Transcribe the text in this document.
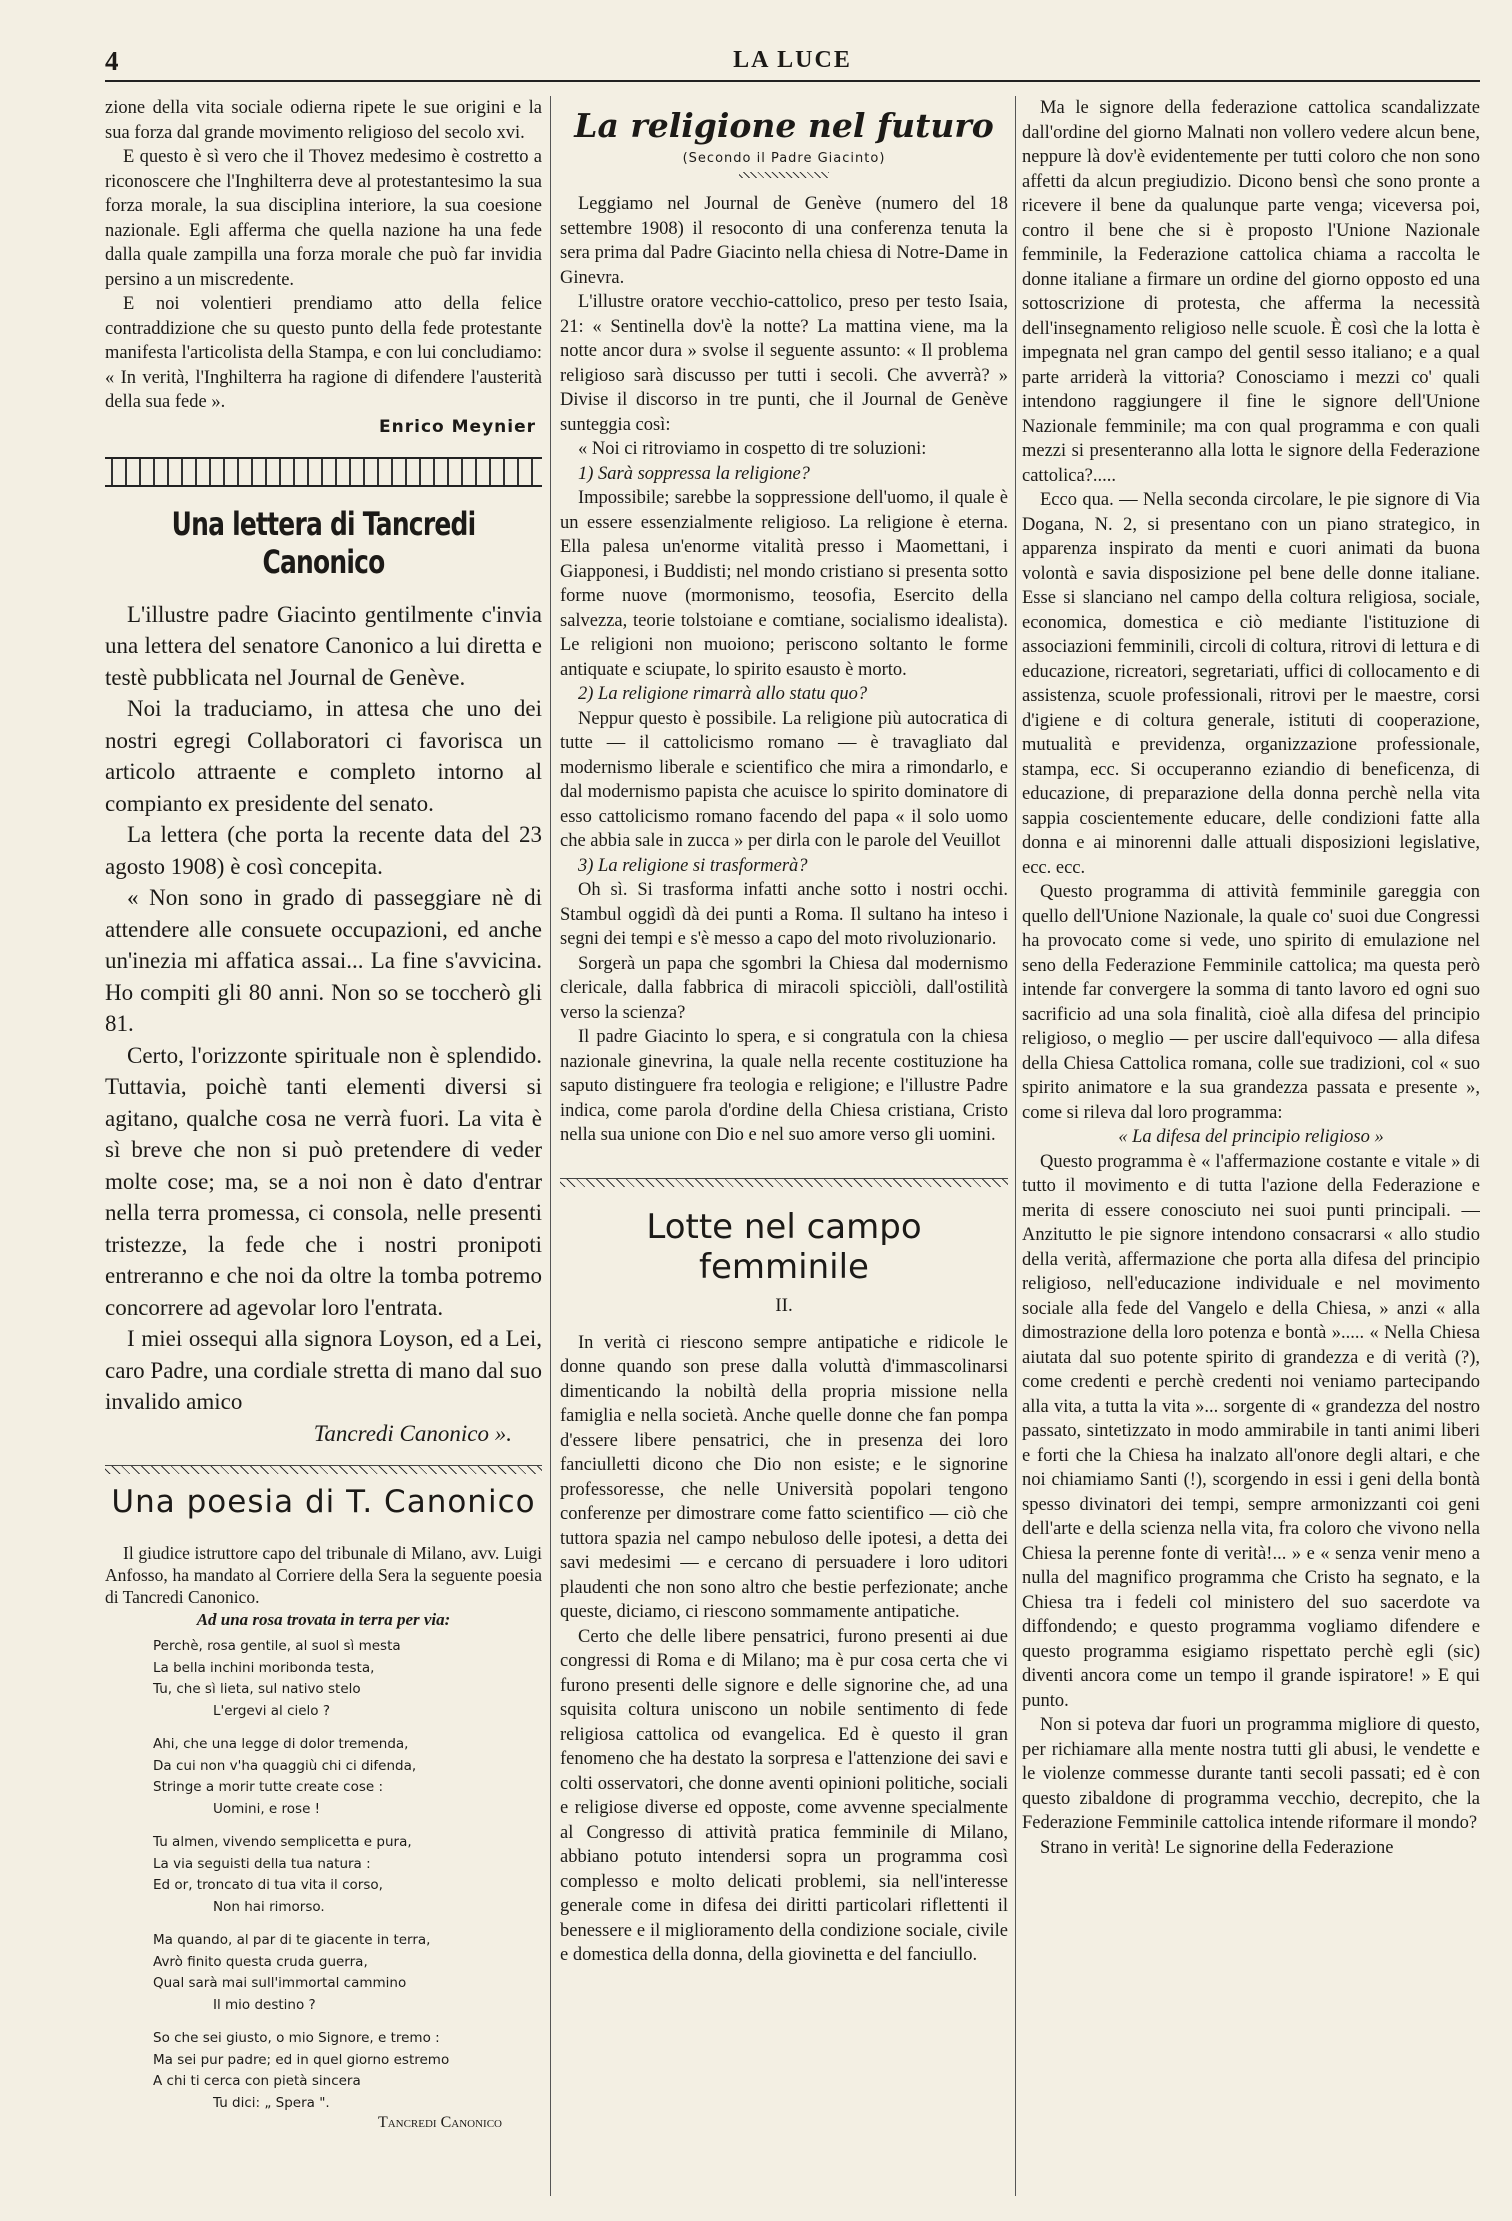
4	LA LUCE

zione della vita sociale odierna ripete le sue origini e la sua forza dal grande movimento religioso del secolo xvi.

E questo è sì vero che il Thovez medesimo è costretto a riconoscere che l'Inghilterra deve al protestantesimo la sua forza morale, la sua disciplina interiore, la sua coesione nazionale. Egli afferma che quella nazione ha una fede dalla quale zampilla una forza morale che può far invidia persino a un miscredente.

E noi volentieri prendiamo atto della felice contraddizione che su questo punto della fede protestante manifesta l'articolista della Stampa, e con lui concludiamo: « In verità, l'Inghilterra ha ragione di difendere l'austerità della sua fede ».

Enrico Meynier
Una lettera di Tancredi Canonico

L'illustre padre Giacinto gentilmente c'invia una lettera del senatore Canonico a lui diretta e testè pubblicata nel Journal de Genève.

Noi la traduciamo, in attesa che uno dei nostri egregi Collaboratori ci favorisca un articolo attraente e completo intorno al compianto ex presidente del senato.

La lettera (che porta la recente data del 23 agosto 1908) è così concepita.

« Non sono in grado di passeggiare nè di attendere alle consuete occupazioni, ed anche un'inezia mi affatica assai... La fine s'avvicina. Ho compiti gli 80 anni. Non so se toccherò gli 81.

Certo, l'orizzonte spirituale non è splendido. Tuttavia, poichè tanti elementi diversi si agitano, qualche cosa ne verrà fuori. La vita è sì breve che non si può pretendere di veder molte cose; ma, se a noi non è dato d'entrar nella terra promessa, ci consola, nelle presenti tristezze, la fede che i nostri pronipoti entreranno e che noi da oltre la tomba potremo concorrere ad agevolar loro l'entrata.

I miei ossequi alla signora Loyson, ed a Lei, caro Padre, una cordiale stretta di mano dal suo invalido amico

Tancredi Canonico ».

Una poesia di T. Canonico

Il giudice istruttore capo del tribunale di Milano, avv. Luigi Anfosso, ha mandato al Corriere della Sera la seguente poesia di Tancredi Canonico.

Ad una rosa trovata in terra per via:
Perchè, rosa gentile, al suol sì mesta
La bella inchini moribonda testa,
Tu, che sì lieta, sul nativo stelo
L'ergevi al cielo ?
Ahi, che una legge di dolor tremenda,
Da cui non v'ha quaggiù chi ci difenda,
Stringe a morir tutte create cose :
Uomini, e rose !
Tu almen, vivendo semplicetta e pura,
La via seguisti della tua natura :
Ed or, troncato di tua vita il corso,
Non hai rimorso.
Ma quando, al par di te giacente in terra,
Avrò finito questa cruda guerra,
Qual sarà mai sull'immortal cammino
Il mio destino ?
So che sei giusto, o mio Signore, e tremo :
Ma sei pur padre; ed in quel giorno estremo
A chi ti cerca con pietà sincera
Tu dici: „ Spera ".
Tancredi Canonico
La religione nel futuro
(Secondo il Padre Giacinto)

Leggiamo nel Journal de Genève (numero del 18 settembre 1908) il resoconto di una conferenza tenuta la sera prima dal Padre Giacinto nella chiesa di Notre-Dame in Ginevra.

L'illustre oratore vecchio-cattolico, preso per testo Isaia, 21: « Sentinella dov'è la notte? La mattina viene, ma la notte ancor dura » svolse il seguente assunto: « Il problema religioso sarà discusso per tutti i secoli. Che avverrà? » Divise il discorso in tre punti, che il Journal de Genève sunteggia così:

« Noi ci ritroviamo in cospetto di tre soluzioni:

1) Sarà soppressa la religione?

Impossibile; sarebbe la soppressione dell'uomo, il quale è un essere essenzialmente religioso. La religione è eterna. Ella palesa un'enorme vitalità presso i Maomettani, i Giapponesi, i Buddisti; nel mondo cristiano si presenta sotto forme nuove (mormonismo, teosofia, Esercito della salvezza, teorie tolstoiane e comtiane, socialismo idealista). Le religioni non muoiono; periscono soltanto le forme antiquate e sciupate, lo spirito esausto è morto.

2) La religione rimarrà allo statu quo?

Neppur questo è possibile. La religione più autocratica di tutte — il cattolicismo romano — è travagliato dal modernismo liberale e scientifico che mira a rimondarlo, e dal modernismo papista che acuisce lo spirito dominatore di esso cattolicismo romano facendo del papa « il solo uomo che abbia sale in zucca » per dirla con le parole del Veuillot

3) La religione si trasformerà?

Oh sì. Si trasforma infatti anche sotto i nostri occhi. Stambul oggidì dà dei punti a Roma. Il sultano ha inteso i segni dei tempi e s'è messo a capo del moto rivoluzionario.

Sorgerà un papa che sgombri la Chiesa dal modernismo clericale, dalla fabbrica di miracoli spicciòli, dall'ostilità verso la scienza?

Il padre Giacinto lo spera, e si congratula con la chiesa nazionale ginevrina, la quale nella recente costituzione ha saputo distinguere fra teologia e religione; e l'illustre Padre indica, come parola d'ordine della Chiesa cristiana, Cristo nella sua unione con Dio e nel suo amore verso gli uomini.

Lotte nel campo femminile
II.

In verità ci riescono sempre antipatiche e ridicole le donne quando son prese dalla voluttà d'immascolinarsi dimenticando la nobiltà della propria missione nella famiglia e nella società. Anche quelle donne che fan pompa d'essere libere pensatrici, che in presenza dei loro fanciulletti dicono che Dio non esiste; e le signorine professoresse, che nelle Università popolari tengono conferenze per dimostrare come fatto scientifico — ciò che tuttora spazia nel campo nebuloso delle ipotesi, a detta dei savi medesimi — e cercano di persuadere i loro uditori plaudenti che non sono altro che bestie perfezionate; anche queste, diciamo, ci riescono sommamente antipatiche.

Certo che delle libere pensatrici, furono presenti ai due congressi di Roma e di Milano; ma è pur cosa certa che vi furono presenti delle signore e delle signorine che, ad una squisita coltura uniscono un nobile sentimento di fede religiosa cattolica od evangelica. Ed è questo il gran fenomeno che ha destato la sorpresa e l'attenzione dei savi e colti osservatori, che donne aventi opinioni politiche, sociali e religiose diverse ed opposte, come avvenne specialmente al Congresso di attività pratica femminile di Milano, abbiano potuto intendersi sopra un programma così complesso e molto delicati problemi, sia nell'interesse generale come in difesa dei diritti particolari riflettenti il benessere e il miglioramento della condizione sociale, civile e domestica della donna, della giovinetta e del fanciullo.

Ma le signore della federazione cattolica scandalizzate dall'ordine del giorno Malnati non vollero vedere alcun bene, neppure là dov'è evidentemente per tutti coloro che non sono affetti da alcun pregiudizio. Dicono bensì che sono pronte a ricevere il bene da qualunque parte venga; viceversa poi, contro il bene che si è proposto l'Unione Nazionale femminile, la Federazione cattolica chiama a raccolta le donne italiane a firmare un ordine del giorno opposto ed una sottoscrizione di protesta, che afferma la necessità dell'insegnamento religioso nelle scuole. È così che la lotta è impegnata nel gran campo del gentil sesso italiano; e a qual parte arriderà la vittoria? Conosciamo i mezzi co' quali intendono raggiungere il fine le signore dell'Unione Nazionale femminile; ma con qual programma e con quali mezzi si presenteranno alla lotta le signore della Federazione cattolica?.....

Ecco qua. — Nella seconda circolare, le pie signore di Via Dogana, N. 2, si presentano con un piano strategico, in apparenza inspirato da menti e cuori animati da buona volontà e savia disposizione pel bene delle donne italiane. Esse si slanciano nel campo della coltura religiosa, sociale, economica, domestica e ciò mediante l'istituzione di associazioni femminili, circoli di coltura, ritrovi di lettura e di educazione, ricreatori, segretariati, uffici di collocamento e di assistenza, scuole professionali, ritrovi per le maestre, corsi d'igiene e di coltura generale, istituti di cooperazione, mutualità e previdenza, organizzazione professionale, stampa, ecc. Si occuperanno eziandio di beneficenza, di educazione, di preparazione della donna perchè nella vita sappia coscientemente educare, delle condizioni fatte alla donna e ai minorenni dalle attuali disposizioni legislative, ecc. ecc.

Questo programma di attività femminile gareggia con quello dell'Unione Nazionale, la quale co' suoi due Congressi ha provocato come si vede, uno spirito di emulazione nel seno della Federazione Femminile cattolica; ma questa però intende far convergere la somma di tanto lavoro ed ogni suo sacrificio ad una sola finalità, cioè alla difesa del principio religioso, o meglio — per uscire dall'equivoco — alla difesa della Chiesa Cattolica romana, colle sue tradizioni, col « suo spirito animatore e la sua grandezza passata e presente », come si rileva dal loro programma:

« La difesa del principio religioso »

Questo programma è « l'affermazione costante e vitale » di tutto il movimento e di tutta l'azione della Federazione e merita di essere conosciuto nei suoi punti principali. — Anzitutto le pie signore intendono consacrarsi « allo studio della verità, affermazione che porta alla difesa del principio religioso, nell'educazione individuale e nel movimento sociale alla fede del Vangelo e della Chiesa, » anzi « alla dimostrazione della loro potenza e bontà »..... « Nella Chiesa aiutata dal suo potente spirito di grandezza e di verità (?), come credenti e perchè credenti noi veniamo partecipando alla vita, a tutta la vita »... sorgente di « grandezza del nostro passato, sintetizzato in modo ammirabile in tanti animi liberi e forti che la Chiesa ha inalzato all'onore degli altari, e che noi chiamiamo Santi (!), scorgendo in essi i geni della bontà spesso divinatori dei tempi, sempre armonizzanti coi geni dell'arte e della scienza nella vita, fra coloro che vivono nella Chiesa la perenne fonte di verità!... » e « senza venir meno a nulla del magnifico programma che Cristo ha segnato, e la Chiesa tra i fedeli col ministero del suo sacerdote va diffondendo; e questo programma vogliamo difendere e questo programma esigiamo rispettato perchè egli (sic) diventi ancora come un tempo il grande ispiratore! » E qui punto.

Non si poteva dar fuori un programma migliore di questo, per richiamare alla mente nostra tutti gli abusi, le vendette e le violenze commesse durante tanti secoli passati; ed è con questo zibaldone di programma vecchio, decrepito, che la Federazione Femminile cattolica intende riformare il mondo?

Strano in verità! Le signorine della Federazione
